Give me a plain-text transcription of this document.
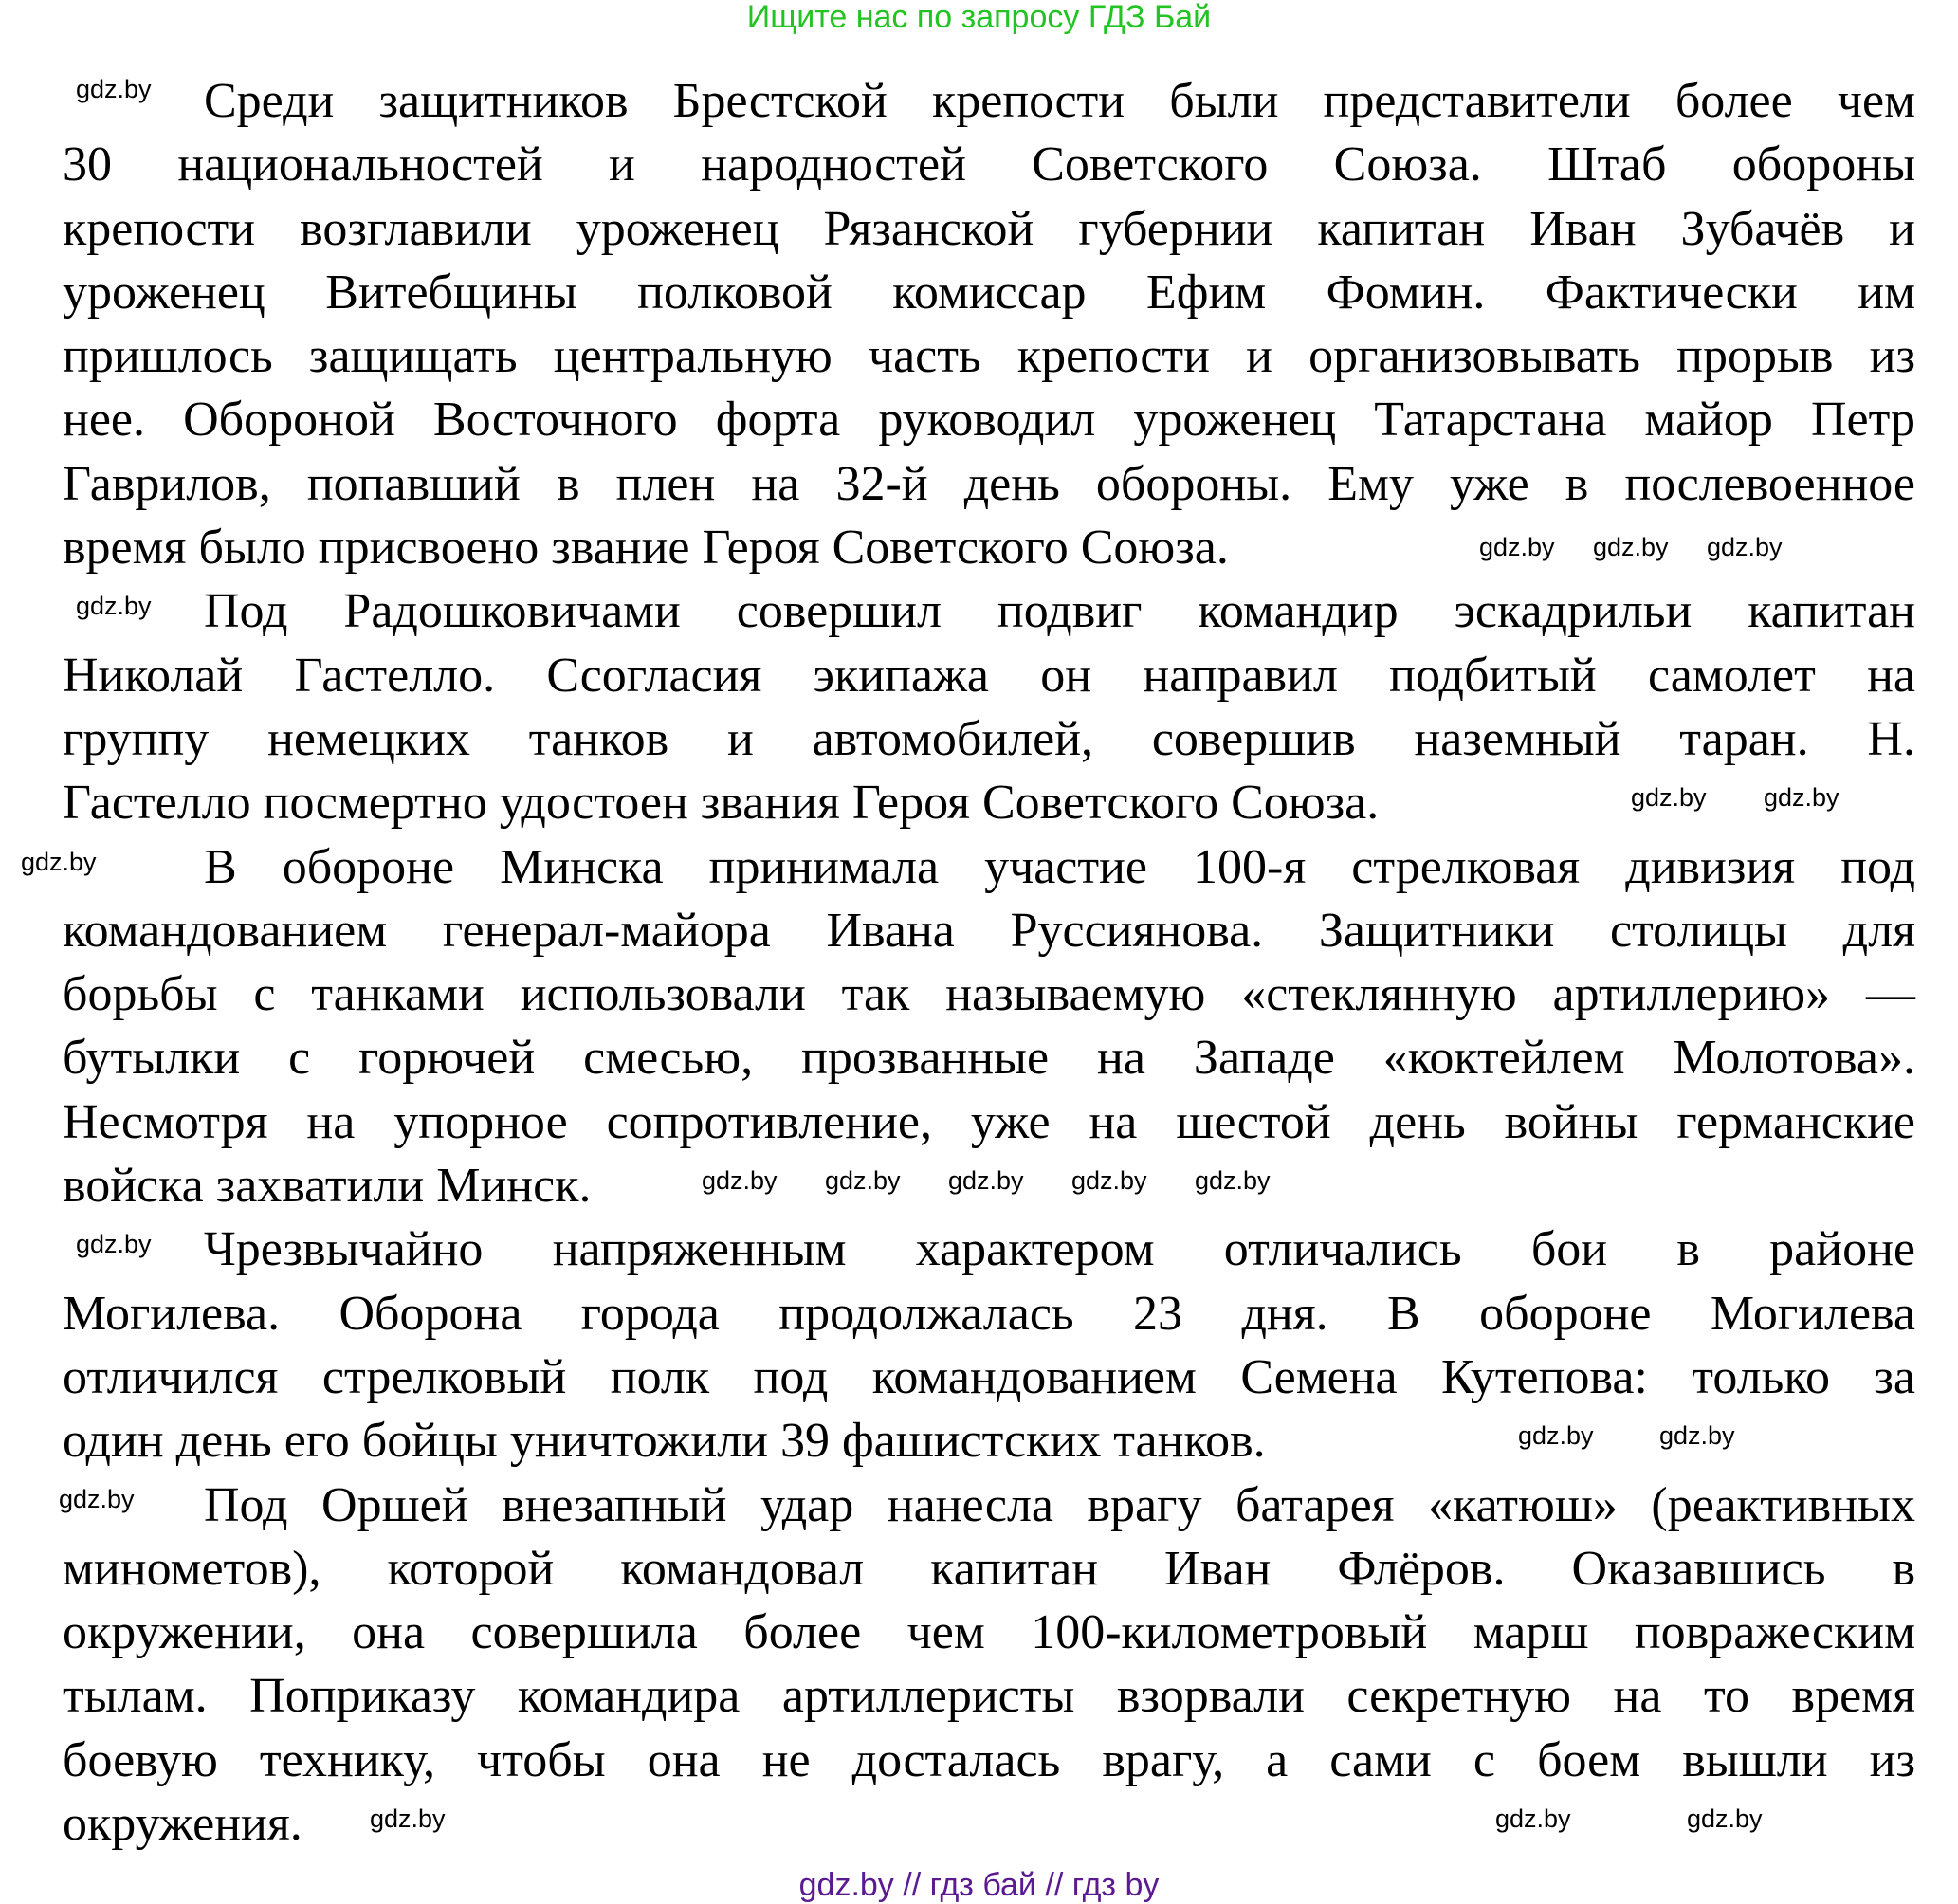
Ищите нас по запросу ГДЗ Бай
Среди защитников Брестской крепости были представители более чем
30 национальностей и народностей Советского Союза. Штаб обороны
крепости возглавили уроженец Рязанской губернии капитан Иван Зубачёв и
уроженец Витебщины полковой комиссар Ефим Фомин. Фактически им
пришлось защищать центральную часть крепости и организовывать прорыв из
нее. Обороной Восточного форта руководил уроженец Татарстана майор Петр
Гаврилов, попавший в плен на 32-й день обороны. Ему уже в послевоенное
время было присвоено звание Героя Советского Союза.
Под Радошковичами совершил подвиг командир эскадрильи капитан
Николай Гастелло. Ссогласия экипажа он направил подбитый самолет на
группу немецких танков и автомобилей, совершив наземный таран. Н.
Гастелло посмертно удостоен звания Героя Советского Союза.
В обороне Минска принимала участие 100-я стрелковая дивизия под
командованием генерал-майора Ивана Руссиянова. Защитники столицы для
борьбы с танками использовали так называемую «стеклянную артиллерию» —
бутылки с горючей смесью, прозванные на Западе «коктейлем Молотова».
Несмотря на упорное сопротивление, уже на шестой день войны германские
войска захватили Минск.
Чрезвычайно напряженным характером отличались бои в районе
Могилева. Оборона города продолжалась 23 дня. В обороне Могилева
отличился стрелковый полк под командованием Семена Кутепова: только за
один день его бойцы уничтожили 39 фашистских танков.
Под Оршей внезапный удар нанесла врагу батарея «катюш» (реактивных
минометов), которой командовал капитан Иван Флёров. Оказавшись в
окружении, она совершила более чем 100-километровый марш повражеским
тылам. Поприказу командира артиллеристы взорвали секретную на то время
боевую технику, чтобы она не досталась врагу, а сами с боем вышли из
окружения.
gdz.by
gdz.by	gdz.by
gdz.by
gdz.by
gdz.by
gdz.by
gdz.by
gdz.by
gdz.by
gdz.by gdz.by
gdz.by
gdz.by
gdz.by	gdz.by
gdz.by
gdz.by	gdz.by
gdz.by
gdz.by // гдз бай // гдз by
